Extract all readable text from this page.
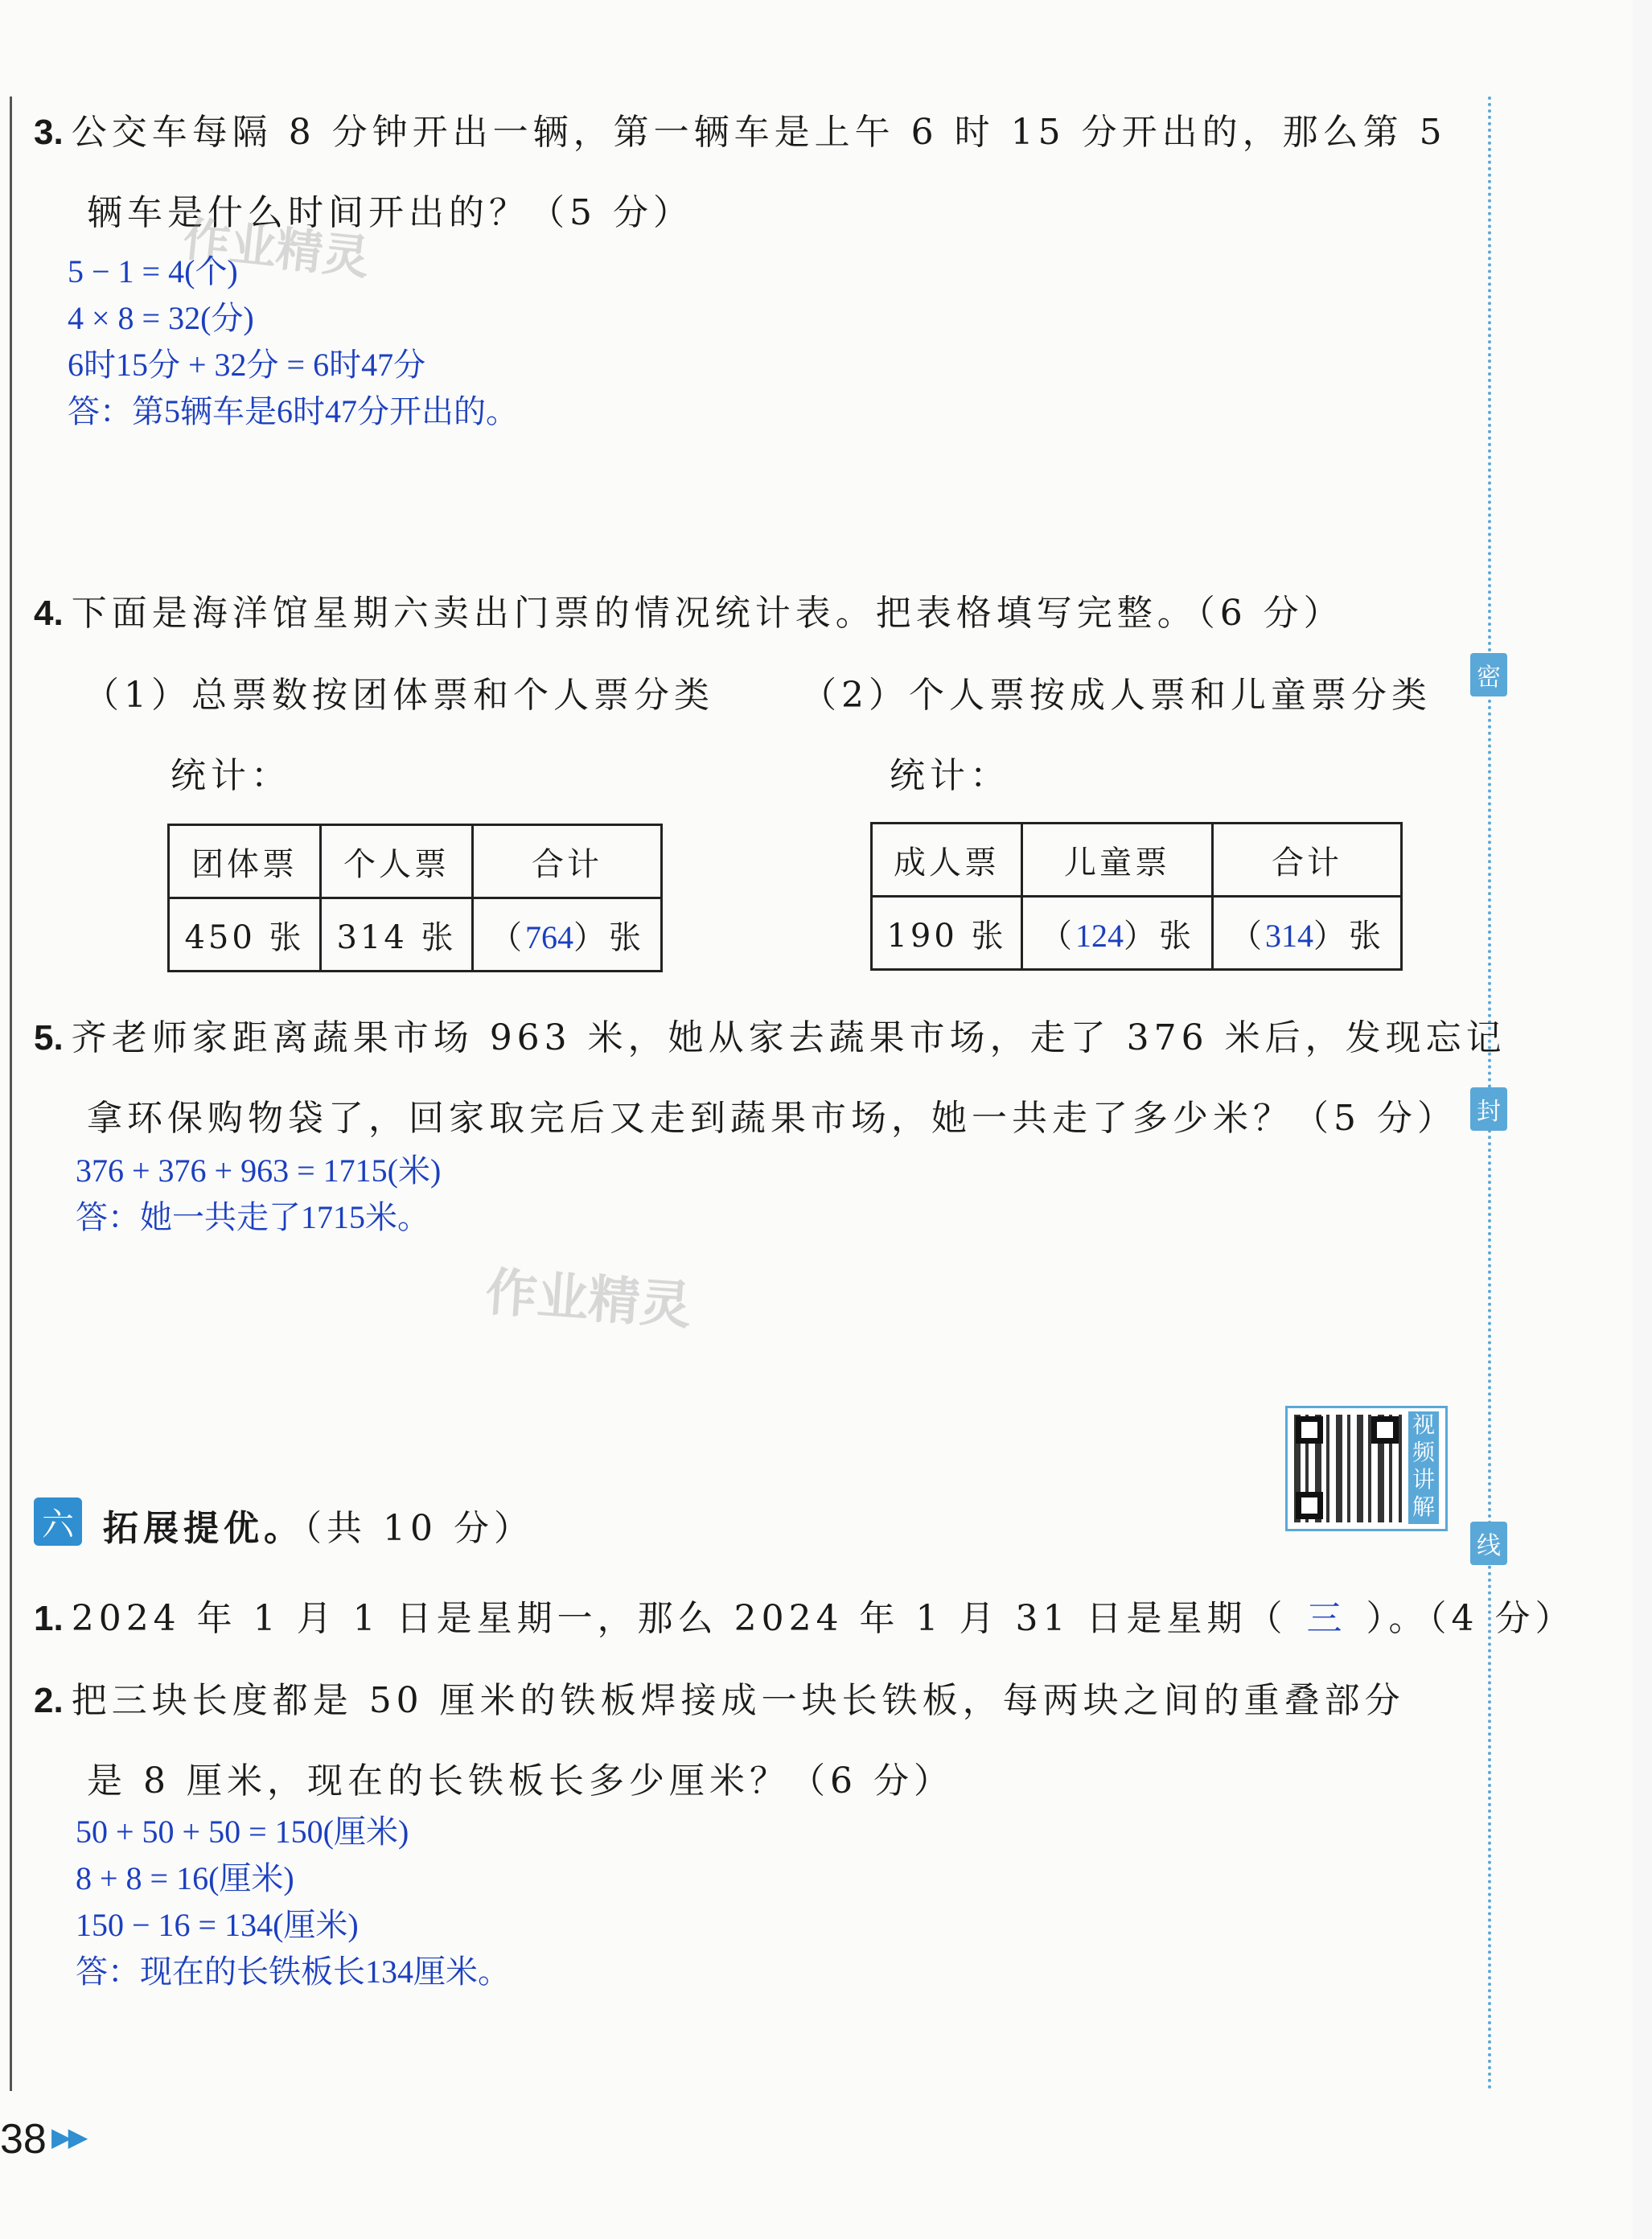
密
封
线
3. 公交车每隔 8 分钟开出一辆，第一辆车是上午 6 时 15 分开出的，那么第 5
辆车是什么时间开出的？（5 分）
作业精灵
5 − 1 = 4(个)
4 × 8 = 32(分)
6时15分 + 32分 = 6时47分
答：第5辆车是6时47分开出的。
4. 下面是海洋馆星期六卖出门票的情况统计表。把表格填写完整。（6 分）
（1）总票数按团体票和个人票分类
统计：
（2）个人票按成人票和儿童票分类
统计：
团体票	个人票	合计
450 张	314 张	（764）张
成人票	儿童票	合计
190 张	（124）张	（314）张
5. 齐老师家距离蔬果市场 963 米，她从家去蔬果市场，走了 376 米后，发现忘记
拿环保购物袋了，回家取完后又走到蔬果市场，她一共走了多少米？（5 分）
376 + 376 + 963 = 1715(米)
答：她一共走了1715米。
作业精灵
视
频
讲
解
六 拓展提优。（共 10 分）
1. 2024 年 1 月 1 日是星期一，那么 2024 年 1 月 31 日是星期（ 三 ）。（4 分）
2. 把三块长度都是 50 厘米的铁板焊接成一块长铁板，每两块之间的重叠部分
是 8 厘米，现在的长铁板长多少厘米？（6 分）
50 + 50 + 50 = 150(厘米)
8 + 8 = 16(厘米)
150 − 16 = 134(厘米)
答：现在的长铁板长134厘米。
38 ▶▶
